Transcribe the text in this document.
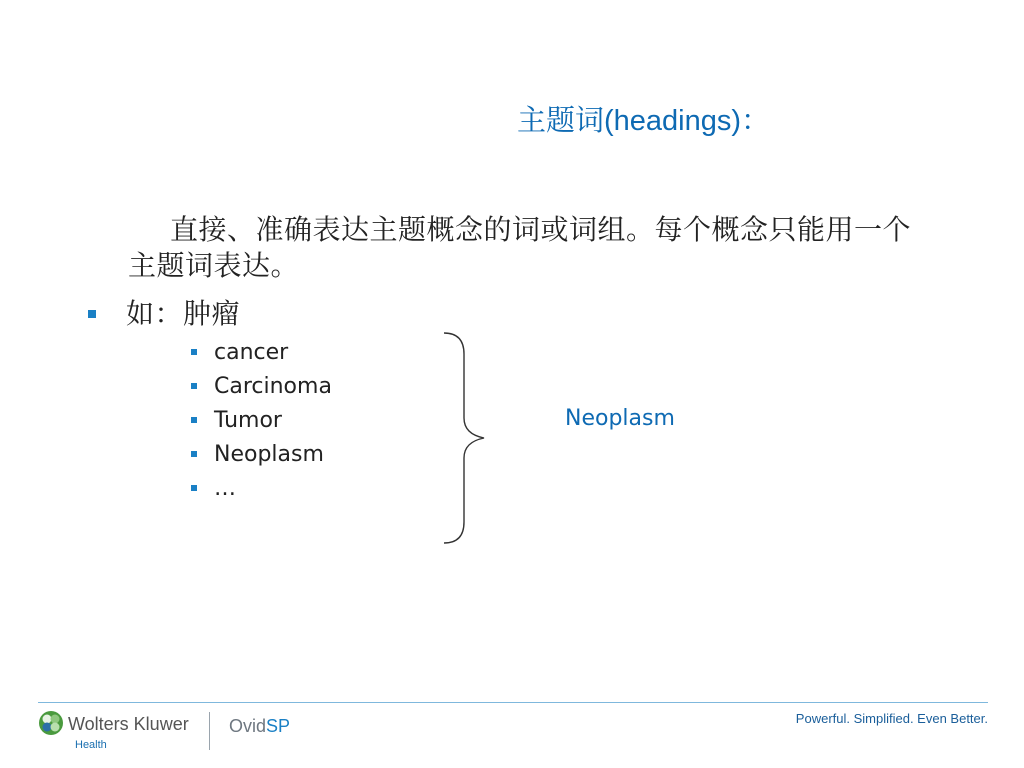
主题词(headings)：
直接、准确表达主题概念的词或词组。每个概念只能用一个主题词表达。
如：肿瘤
cancer
Carcinoma
Tumor
Neoplasm
…
Neoplasm
Wolters Kluwer
Health
OvidSP	Powerful. Simplified. Even Better.
